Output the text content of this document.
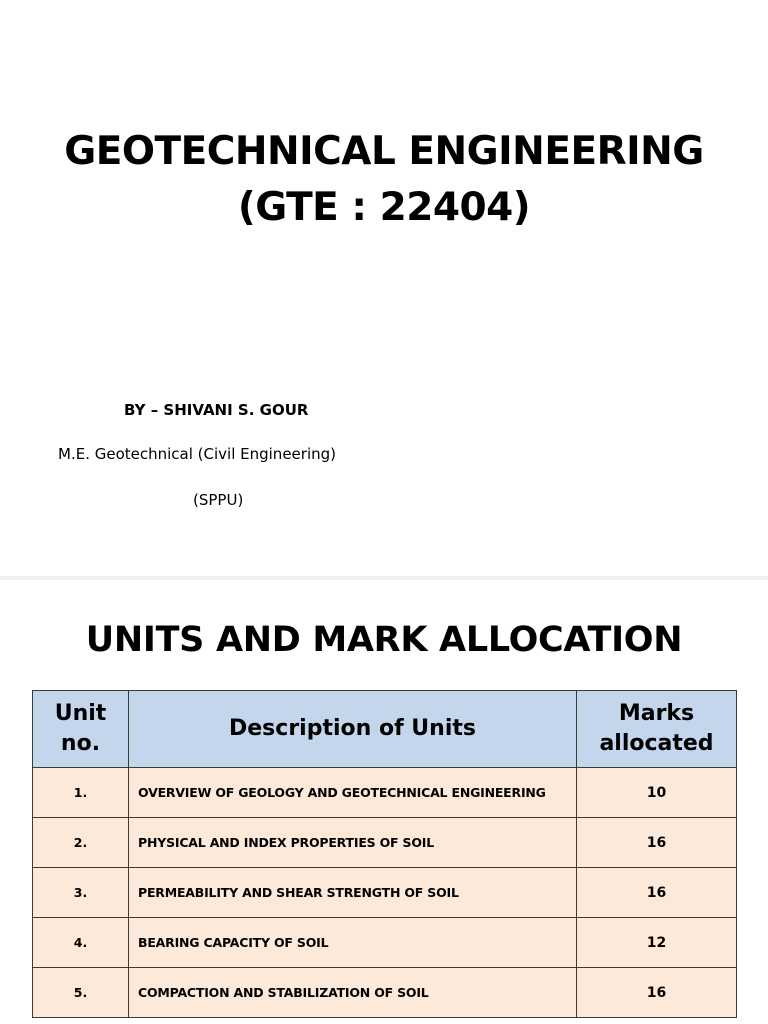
GEOTECHNICAL ENGINEERING
(GTE : 22404)
BY – SHIVANI S. GOUR
M.E. Geotechnical (Civil Engineering)
(SPPU)
UNITS AND MARK ALLOCATION
Unit no.	Description of Units	Marks allocated
1.	OVERVIEW OF GEOLOGY AND GEOTECHNICAL ENGINEERING	10
2.	PHYSICAL AND INDEX PROPERTIES OF SOIL	16
3.	PERMEABILITY AND SHEAR STRENGTH OF SOIL	16
4.	BEARING CAPACITY OF SOIL	12
5.	COMPACTION AND STABILIZATION OF SOIL	16
